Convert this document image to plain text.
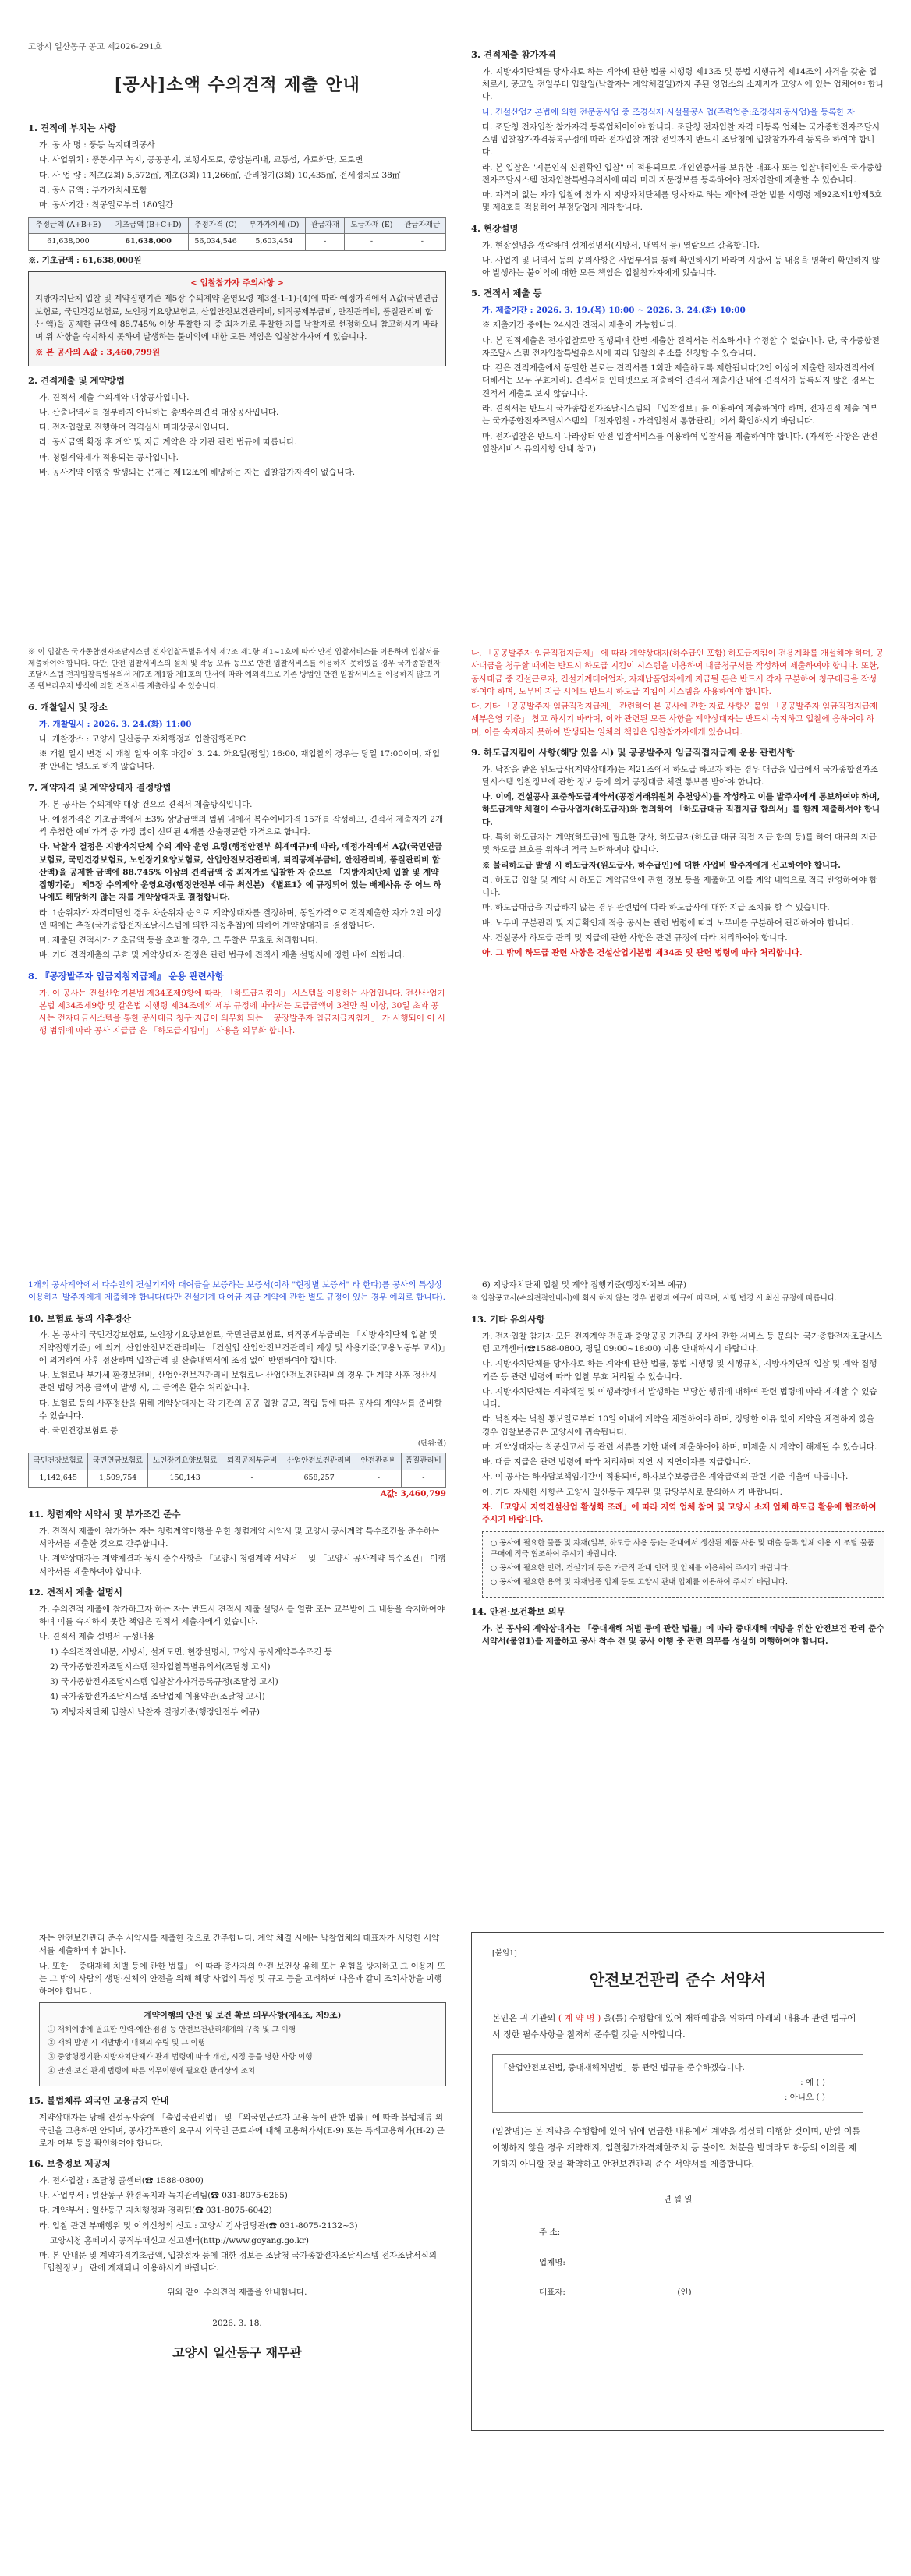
고양시 일산동구 공고 제2026-291호

[공사]소액 수의견적 제출 안내
1. 견적에 부치는 사항

가. 공 사 명 : 풍동 녹지대리공사

나. 사업위치 : 풍동지구 녹지, 공공공지, 보행자도로, 중앙분리대, 교통섬, 가로화단, 도로변

다. 사 업 량 : 제초(2회) 5,572㎡, 제초(3회) 11,266㎡, 관리청가(3회) 10,435㎡, 전세정치료 38㎡

라. 공사금액 : 부가가치세포함

마. 공사기간 : 착공일로부터 180일간

추정금액 (A+B+E)	기초금액 (B+C+D)	추정가격 (C)	부가가치세 (D)	관급자재	도급자재 (E)	관급자재금
61,638,000	61,638,000	56,034,546	5,603,454	-	-	-

※. 기초금액 : 61,638,000원

< 입찰참가자 주의사항 >

지방자치단체 입찰 및 계약집행기준 제5장 수의계약 운영요령 제3절-1-1)-(4)에 따라 예정가격에서 A값(국민연금보험료, 국민건강보험료, 노인장기요양보험료, 산업안전보건관리비, 퇴직공제부금비, 안전관리비, 품질관리비 합산 액)을 공제한 금액에 88.745% 이상 투찰한 자 중 최저가로 투찰한 자를 낙찰자로 선정하오니 참고하시기 바라며 위 사항을 숙지하지 못하여 발생하는 불이익에 대한 모든 책임은 입찰참가자에게 있습니다.

※ 본 공사의 A값 : 3,460,799원

2. 견적제출 및 계약방법

가. 견적서 제출 수의계약 대상공사입니다.

나. 산출내역서를 첨부하지 아니하는 총액수의견적 대상공사입니다.

다. 전자입찰로 진행하며 적격심사 미대상공사입니다.

라. 공사금액 확정 후 계약 및 지급 계약은 각 기관 관련 법규에 따릅니다.

마. 청렴계약제가 적용되는 공사입니다.

바. 공사계약 이행중 발생되는 문제는 제12조에 해당하는 자는 입찰참가자격이 없습니다.

3. 견적제출 참가자격

가. 지방자치단체를 당사자로 하는 계약에 관한 법률 시행령 제13조 및 동법 시행규칙 제14조의 자격을 갖춘 업체로서, 공고일 전일부터 입찰일(낙찰자는 계약체결일)까지 주된 영업소의 소재지가 고양시에 있는 업체여야 합니다.

나. 건설산업기본법에 의한 전문공사업 중 조경식재·시설물공사업(주력업종:조경식재공사업)을 등록한 자

다. 조달청 전자입찰 참가자격 등록업체이어야 합니다. 조달청 전자입찰 자격 미등록 업체는 국가종합전자조달시스템 입찰참가자격등록규정에 따라 전자입찰 개찰 전일까지 반드시 조달청에 입찰참가자격 등록을 하여야 합니다.

라. 본 입찰은 "지문인식 신원확인 입찰" 이 적용되므로 개인인증서를 보유한 대표자 또는 입찰대리인은 국가종합전자조달시스템 전자입찰특별유의서에 따라 미리 지문정보를 등록하여야 전자입찰에 제출할 수 있습니다.

마. 자격이 없는 자가 입찰에 참가 시 지방자치단체를 당사자로 하는 계약에 관한 법률 시행령 제92조제1항제5호 및 제8호를 적용하여 부정당업자 제재합니다.

4. 현장설명

가. 현장설명을 생략하며 설계설명서(시방서, 내역서 등) 열람으로 갈음합니다.

나. 사업지 및 내역서 등의 문의사항은 사업부서를 통해 확인하시기 바라며 시방서 등 내용을 명확히 확인하지 않아 발생하는 불이익에 대한 모든 책임은 입찰참가자에게 있습니다.

5. 견적서 제출 등

가. 제출기간 : 2026. 3. 19.(목) 10:00 ~ 2026. 3. 24.(화) 10:00

※ 제출기간 중에는 24시간 견적서 제출이 가능합니다.

나. 본 견적제출은 전자입찰로만 집행되며 한번 제출한 견적서는 취소하거나 수정할 수 없습니다. 단, 국가종합전자조달시스템 전자입찰특별유의서에 따라 입찰의 취소를 신청할 수 있습니다.

다. 같은 견적제출에서 동일한 분로는 견적서를 1회만 제출하도록 제한됩니다(2인 이상이 제출한 전자견적서에 대해서는 모두 무효처리). 견적서를 인터넷으로 제출하여 견적서 제출시간 내에 견적서가 등록되지 않은 경우는 견적서 제출로 보지 않습니다.

라. 견적서는 반드시 국가종합전자조달시스템의 「입찰정보」를 이용하여 제출하여야 하며, 전자견적 제출 여부는 국가종합전자조달시스템의 「전자입찰 - 가격입찰서 통합관리」에서 확인하시기 바랍니다.

마. 전자입찰은 반드시 나라장터 안전 입찰서비스를 이용하여 입찰서를 제출하여야 합니다. (자세한 사항은 안전 입찰서비스 유의사항 안내 참고)

※ 이 입찰은 국가종합전자조달시스템 전자입찰특별유의서 제7조 제1항 제1~1호에 따라 안전 입찰서비스를 이용하여 입찰서를 제출하여야 합니다. 다만, 안전 입찰서비스의 설치 및 작동 오류 등으로 안전 입찰서비스를 이용하지 못하였을 경우 국가종합전자조달시스템 전자입찰특별유의서 제7조 제1항 제1호의 단서에 따라 예외적으로 기존 방법인 안전 입찰서비스를 이용하지 않고 기존 웹브라우저 방식에 의한 견적서를 제출하실 수 있습니다.

6. 개찰일시 및 장소

가. 개찰일시 : 2026. 3. 24.(화) 11:00

나. 개찰장소 : 고양시 일산동구 자치행정과 입찰집행관PC

※ 개찰 일시 변경 시 개찰 일자 이후 마감이 3. 24. 화요일(평일) 16:00, 재입찰의 경우는 당일 17:00이며, 재입찰 안내는 별도로 하지 않습니다.

7. 계약자격 및 계약상대자 결정방법

가. 본 공사는 수의계약 대상 건으로 견적서 제출방식입니다.

나. 예정가격은 기초금액에서 ±3% 상당금액의 범위 내에서 복수예비가격 15개를 작성하고, 견적서 제출자가 2개씩 추첨한 예비가격 중 가장 많이 선택된 4개를 산술평균한 가격으로 합니다.

다. 낙찰자 결정은 지방자치단체 수의 계약 운영 요령(행정안전부 회계예규)에 따라, 예정가격에서 A값(국민연금보험료, 국민건강보험료, 노인장기요양보험료, 산업안전보건관리비, 퇴직공제부금비, 안전관리비, 품질관리비 합산액)을 공제한 금액에 88.745% 이상의 견적금액 중 최저가로 입찰한 자 순으로 「지방자치단체 입찰 및 계약집행기준」 제5장 수의계약 운영요령(행정안전부 예규 최신본) 《별표1》에 규정되어 있는 배제사유 중 어느 하나에도 해당하지 않는 자를 계약상대자로 결정합니다.

라. 1순위자가 자격미달인 경우 차순위자 순으로 계약상대자를 결정하며, 동일가격으로 견적제출한 자가 2인 이상인 때에는 추첨(국가종합전자조달시스템에 의한 자동추첨)에 의하여 계약상대자를 결정합니다.

마. 제출된 견적서가 기초금액 등을 초과할 경우, 그 투찰은 무효로 처리합니다.

바. 기타 견적제출의 무효 및 계약상대자 결정은 관련 법규에 견적서 제출 설명서에 정한 바에 의합니다.

8. 『공장발주자 입금지침지급제』 운용 관련사항

가. 이 공사는 건설산업기본법 제34조제9항에 따라, 「하도급지킴이」 시스템을 이용하는 사업입니다. 전산산업기본법 제34조제9항 및 같은법 시행령 제34조에의 세부 규정에 따라서는 도급금액이 3천만 원 이상, 30일 초과 공사는 전자대금시스템을 통한 공사대금 청구·지급이 의무화 되는 「공장발주자 임금지급지침제」 가 시행되어 이 시행 범위에 따라 공사 지급금 은 「하도급지킴이」 사용을 의무화 합니다.

나. 「공공발주자 임금직접지급제」 에 따라 계약상대자(하수급인 포함) 하도급지킴이 전용계좌를 개설해야 하며, 공사대금을 청구할 때에는 반드시 하도급 지킴이 시스템을 이용하여 대금청구서를 작성하여 제출하여야 합니다. 또한, 공사대금 중 건설근로자, 건설기계대여업자, 자재납품업자에게 지급될 돈은 반드시 각자 구분하여 청구대금을 작성하여야 하며, 노무비 지급 시에도 반드시 하도급 지킴이 시스템을 사용하여야 합니다.

다. 기타 「공공발주자 임금직접지급제」 관련하여 본 공사에 관한 자료 사항은 붙임 「공공발주자 임금직접지급제 세부운영 기준」 참고 하시기 바라며, 이와 관련된 모든 사항을 계약상대자는 반드시 숙지하고 입찰에 응하여야 하며, 이를 숙지하지 못하여 발생되는 일체의 책임은 입찰참가자에게 있습니다.

9. 하도급지킴이 사항(해당 있음 시) 및 공공발주자 임금직접지급제 운용 관련사항

가. 낙찰을 받은 원도급사(계약상대자)는 제21조에서 하도급 하고자 하는 경우 대금을 입금에서 국가종합전자조달시스템 입찰정보에 관한 정보 등에 의거 공정대금 체결 통보를 받아야 합니다.

나. 이에, 건설공사 표준하도급계약서(공정거래위원회 추천양식)를 작성하고 이를 발주자에게 통보하여야 하며, 하도급계약 체결이 수급사업자(하도급자)와 협의하여 「하도급대금 직접지급 합의서」를 함께 제출하셔야 합니다.

다. 특히 하도급자는 계약(하도급)에 필요한 당사, 하도급자(하도급 대금 직접 지급 합의 등)를 하여 대금의 지급 및 하도급 보호를 위하여 적극 노력하여야 합니다.

※ 불리하도급 발생 시 하도급자(원도급사, 하수급인)에 대한 사업비 발주자에게 신고하여야 합니다.

라. 하도급 입찰 및 계약 시 하도급 계약금액에 관한 정보 등을 제출하고 이를 계약 내역으로 적극 반영하여야 합니다.

마. 하도급대금을 지급하지 않는 경우 관련법에 따라 하도급사에 대한 지급 조치를 할 수 있습니다.

바. 노무비 구분관리 및 지급확인제 적용 공사는 관련 법령에 따라 노무비를 구분하여 관리하여야 합니다.

사. 건설공사 하도급 관리 및 지급에 관한 사항은 관련 규정에 따라 처리하여야 합니다.

아. 그 밖에 하도급 관련 사항은 건설산업기본법 제34조 및 관련 법령에 따라 처리합니다.

1개의 공사계약에서 다수인의 건설기계와 대여금을 보증하는 보증서(이하 "현장별 보증서" 라 한다)를 공사의 특성상 이용하지 발주자에게 제출해야 합니다(다만 건설기계 대여금 지급 계약에 관한 별도 규정이 있는 경우 예외로 합니다).

10. 보험료 등의 사후정산

가. 본 공사의 국민건강보험료, 노인장기요양보험료, 국민연금보험료, 퇴직공제부금비는 「지방자치단체 입찰 및 계약집행기준」에 의거, 산업안전보건관리비는 「건설업 산업안전보건관리비 계상 및 사용기준(고용노동부 고시)」에 의거하여 사후 정산하며 입찰금액 및 산출내역서에 조정 없이 반영하여야 합니다.

나. 보험료나 부가세 환경보전비, 산업안전보건관리비 보험료나 산업안전보건관리비의 경우 단 계약 사후 정산시 관련 법령 적용 금액이 발생 시, 그 금액은 환수 처리합니다.

다. 보험료 등의 사후정산을 위해 계약상대자는 각 기관의 공공 입찰 공고, 적립 등에 따른 공사의 계약서를 준비할 수 있습니다.

라. 국민건강보험료 등

(단위:원)

국민건강보험료	국민연금보험료	노인장기요양보험료	퇴직공제부금비	산업안전보건관리비	안전관리비	품질관리비
1,142,645	1,509,754	150,143	-	658,257	-	-

A값: 3,460,799

11. 청렴계약 서약서 및 부가조건 준수

가. 견적서 제출에 참가하는 자는 청렴계약이행을 위한 청렴계약 서약서 및 고양시 공사계약 특수조건을 준수하는 서약서를 제출한 것으로 간주합니다.

나. 계약상대자는 계약체결과 동시 준수사항을 「고양시 청렴계약 서약서」 및 「고양시 공사계약 특수조건」 이행 서약서를 제출하여야 합니다.

12. 견적서 제출 설명서

가. 수의견적 제출에 참가하고자 하는 자는 반드시 견적서 제출 설명서를 열람 또는 교부받아 그 내용을 숙지하여야 하며 이를 숙지하지 못한 책임은 견적서 제출자에게 있습니다.

나. 견적서 제출 설명서 구성내용

1) 수의견적안내문, 시방서, 설계도면, 현장설명서, 고양시 공사계약특수조건 등

2) 국가종합전자조달시스템 전자입찰특별유의서(조달청 고시)

3) 국가종합전자조달시스템 입찰참가자격등록규정(조달청 고시)

4) 국가종합전자조달시스템 조달업체 이용약관(조달청 고시)

5) 지방자치단체 입찰시 낙찰자 결정기준(행정안전부 예규)

6) 지방자치단체 입찰 및 계약 집행기준(행정자치부 예규)

※ 입찰공고서(수의견적안내서)에 회시 하지 않는 경우 법령과 예규에 따르며, 시행 변경 시 최신 규정에 따릅니다.

13. 기타 유의사항

가. 전자입찰 참가자 모든 전자계약 전문과 중앙공공 기관의 공사에 관한 서비스 등 문의는 국가종합전자조달시스템 고객센터(☎1588-0800, 평일 09:00~18:00) 이용 안내하시기 바랍니다.

나. 지방자치단체를 당사자로 하는 계약에 관한 법률, 동법 시행령 및 시행규칙, 지방자치단체 입찰 및 계약 집행기준 등 관련 법령에 따라 입찰 무효 처리될 수 있습니다.

다. 지방자치단체는 계약체결 및 이행과정에서 발생하는 부당한 행위에 대하여 관련 법령에 따라 제재할 수 있습니다.

라. 낙찰자는 낙찰 통보일로부터 10일 이내에 계약을 체결하여야 하며, 정당한 이유 없이 계약을 체결하지 않을 경우 입찰보증금은 고양시에 귀속됩니다.

마. 계약상대자는 착공신고서 등 관련 서류를 기한 내에 제출하여야 하며, 미제출 시 계약이 해제될 수 있습니다.

바. 대금 지급은 관련 법령에 따라 처리하며 지연 시 지연이자를 지급합니다.

사. 이 공사는 하자담보책임기간이 적용되며, 하자보수보증금은 계약금액의 관련 기준 비율에 따릅니다.

아. 기타 자세한 사항은 고양시 일산동구 재무관 및 담당부서로 문의하시기 바랍니다.

자. 「고양시 지역건설산업 활성화 조례」에 따라 지역 업체 참여 및 고양시 소재 업체 하도급 활용에 협조하여 주시기 바랍니다.

○ 공사에 필요한 물품 및 자재(일부, 하도급 사용 등)는 관내에서 생산된 제품 사용 및 대출 등록 업체 이용 시 조달 물품 구매에 적극 협조하여 주시기 바랍니다.

○ 공사에 필요한 인력, 건설기계 등은 가급적 관내 인력 및 업체를 이용하여 주시기 바랍니다.

○ 공사에 필요한 용역 및 자재납품 업체 등도 고양시 관내 업체를 이용하여 주시기 바랍니다.

14. 안전·보건확보 의무

가. 본 공사의 계약상대자는 「중대재해 처벌 등에 관한 법률」에 따라 중대재해 예방을 위한 안전보건 관리 준수 서약서(붙임1)를 제출하고 공사 착수 전 및 공사 이행 중 관련 의무를 성실히 이행하여야 합니다.

자는 안전보건관리 준수 서약서를 제출한 것으로 간주합니다. 계약 체결 시에는 낙찰업체의 대표자가 서명한 서약서를 제출하여야 합니다.

나. 또한 「중대재해 처벌 등에 관한 법률」 에 따라 종사자의 안전·보건상 유해 또는 위험을 방지하고 그 이용자 또는 그 밖의 사람의 생명·신체의 안전을 위해 해당 사업의 특성 및 규모 등을 고려하여 다음과 같이 조치사항을 이행하여야 합니다.

계약이행의 안전 및 보건 확보 의무사항(제4조, 제9조)

① 재해예방에 필요한 인력·예산·점검 등 안전보건관리체계의 구축 및 그 이행

② 재해 발생 시 재발방지 대책의 수립 및 그 이행

③ 중앙행정기관·지방자치단체가 관계 법령에 따라 개선, 시정 등을 명한 사항 이행

④ 안전·보건 관계 법령에 따른 의무이행에 필요한 관리상의 조치

15. 불법체류 외국인 고용금지 안내

계약상대자는 당해 건설공사중에 「출입국관리법」 및 「외국인근로자 고용 등에 관한 법률」에 따라 불법체류 외국인을 고용하면 안되며, 공사감독관의 요구시 외국인 근로자에 대해 고용허가서(E-9) 또는 특례고용허가(H-2) 근로자 여부 등을 확인하여야 합니다.

16. 보충정보 제공처

가. 전자입찰 : 조달청 콜센터(☎ 1588-0800)

나. 사업부서 : 일산동구 환경녹지과 녹지관리팀(☎ 031-8075-6265)

다. 계약부서 : 일산동구 자치행정과 경리팀(☎ 031-8075-6042)

라. 입찰 관련 부패행위 및 이의신청의 신고 : 고양시 감사담당관(☎ 031-8075-2132~3)

고양시청 홈페이지 공직부패신고 신고센터(http://www.goyang.go.kr)

마. 본 안내문 및 계약가격기초금액, 입찰절차 등에 대한 정보는 조달청 국가종합전자조달시스템 전자조달서식의 「입찰정보」 란에 게재되니 이용하시기 바랍니다.

위와 같이 수의견적 제출을 안내합니다.

2026. 3. 18.

고양시 일산동구 재무관

[붙임1]

안전보건관리 준수 서약서

본인은 귀 기관의 ( 계 약 명 ) 을(를) 수행함에 있어 재해예방을 위하여 아래의 내용과 관련 법규에서 정한 필수사항을 철저히 준수할 것을 서약합니다.

「산업안전보건법, 중대재해처벌법」등 관련 법규를 준수하겠습니다.

: 예 ( )

: 아니오 ( )

(입찰명)는 본 계약을 수행함에 있어 위에 언급한 내용에서 계약을 성실히 이행할 것이며, 만일 이를 이행하지 않을 경우 계약해지, 입찰참가자격제한조치 등 불이익 처분을 받더라도 하등의 이의를 제기하지 아니할 것을 확약하고 안전보건관리 준수 서약서를 제출합니다.

년 월 일

주 소:

업체명:

대표자:	(인)
